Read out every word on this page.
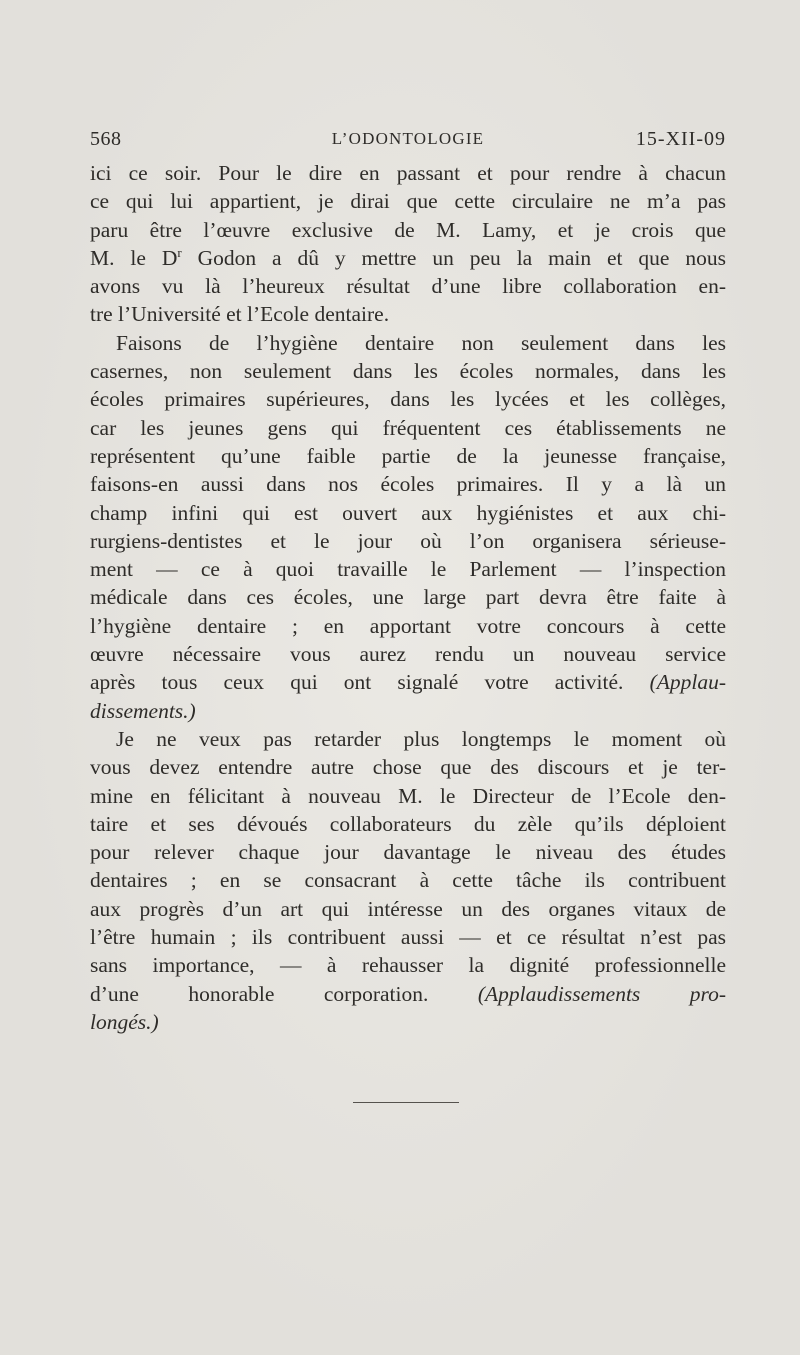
568	L’ODONTOLOGIE	15-XII-09
ici ce soir. Pour le dire en passant et pour rendre à chacun
ce qui lui appartient, je dirai que cette circulaire ne m’a pas
paru être l’œuvre exclusive de M. Lamy, et je crois que
M. le $D^r$ Godon a dû y mettre un peu la main et que nous
avons vu là l’heureux résultat d’une libre collaboration en-
tre l’Université et l’Ecole dentaire.
Faisons de l’hygiène dentaire non seulement dans les
casernes, non seulement dans les écoles normales, dans les
écoles primaires supérieures, dans les lycées et les collèges,
car les jeunes gens qui fréquentent ces établissements ne
représentent qu’une faible partie de la jeunesse française,
faisons-en aussi dans nos écoles primaires. Il y a là un
champ infini qui est ouvert aux hygiénistes et aux chi-
rurgiens-dentistes et le jour où l’on organisera sérieuse-
ment — ce à quoi travaille le Parlement — l’inspection
médicale dans ces écoles, une large part devra être faite à
l’hygiène dentaire ; en apportant votre concours à cette
œuvre nécessaire vous aurez rendu un nouveau service
après tous ceux qui ont signalé votre activité. (Applau-
dissements.)
Je ne veux pas retarder plus longtemps le moment où
vous devez entendre autre chose que des discours et je ter-
mine en félicitant à nouveau M. le Directeur de l’Ecole den-
taire et ses dévoués collaborateurs du zèle qu’ils déploient
pour relever chaque jour davantage le niveau des études
dentaires ; en se consacrant à cette tâche ils contribuent
aux progrès d’un art qui intéresse un des organes vitaux de
l’être humain ; ils contribuent aussi — et ce résultat n’est pas
sans importance, — à rehausser la dignité professionnelle
d’une honorable corporation. (Applaudissements pro-
longés.)
